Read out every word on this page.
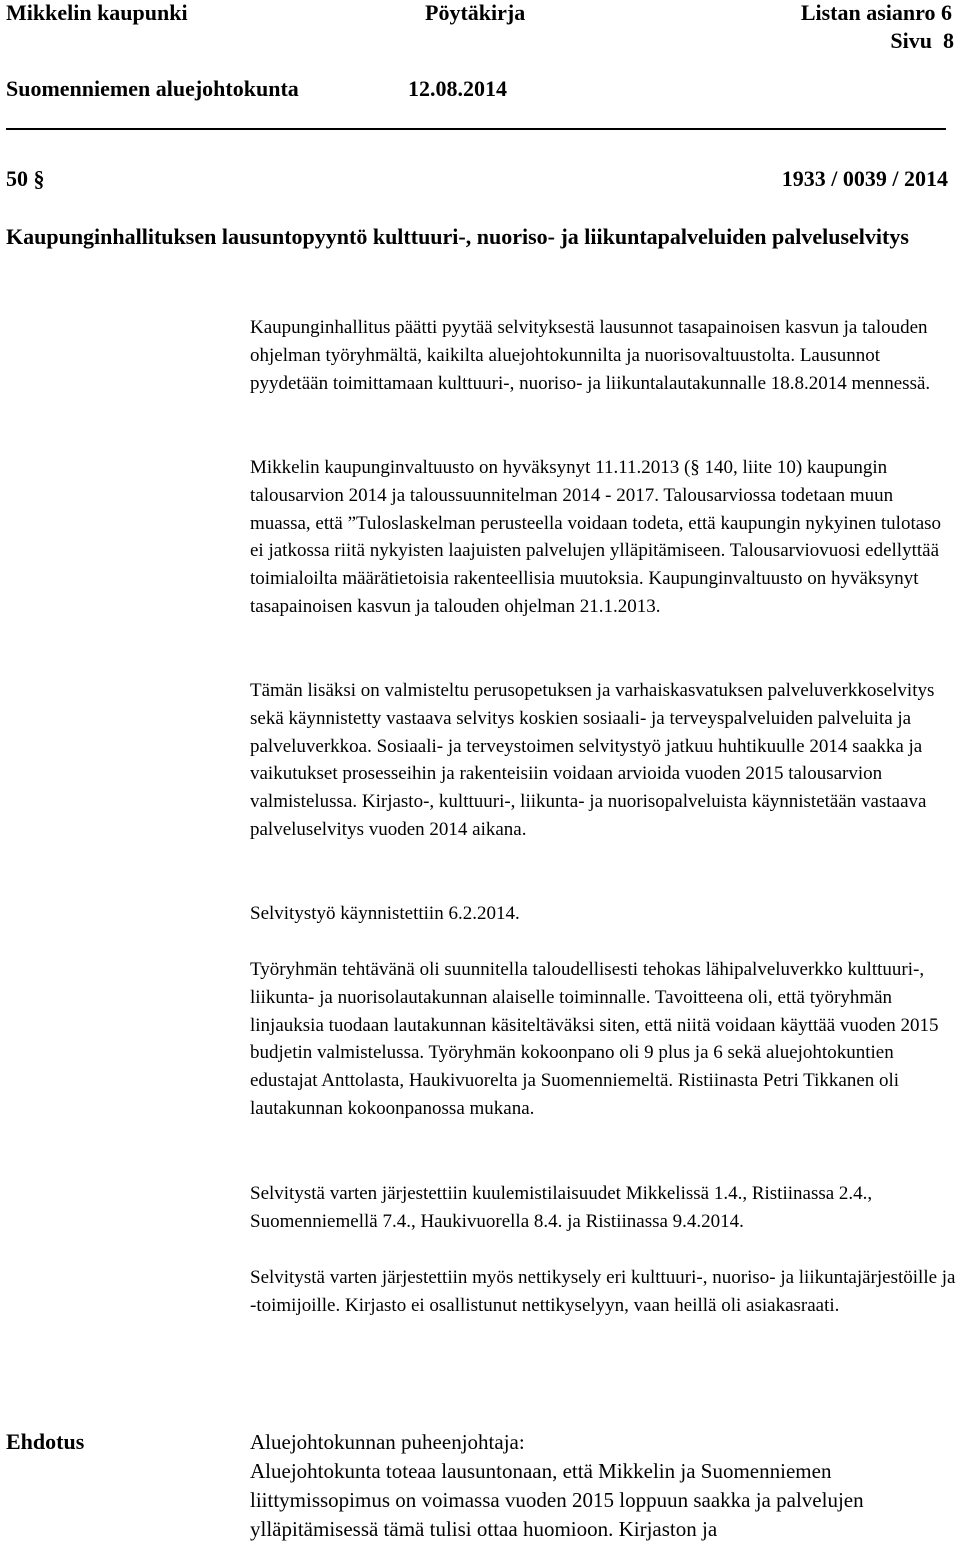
Mikkelin kaupunki	Pöytäkirja	Listan asianro 6
Sivu  8
Suomenniemen aluejohtokunta	12.08.2014
50 §	1933 / 0039 / 2014
Kaupunginhallituksen lausuntopyyntö kulttuuri-, nuoriso- ja liikuntapalveluiden palveluselvitys

Kaupunginhallitus päätti pyytää selvityksestä lausunnot tasapainoisen kasvun ja talouden ohjelman työryhmältä, kaikilta aluejohtokunnilta ja nuorisovaltuustolta. Lausunnot pyydetään toimittamaan kulttuuri-, nuoriso- ja liikuntalautakunnalle 18.8.2014 mennessä.

Mikkelin kaupunginvaltuusto on hyväksynyt 11.11.2013 (§ 140, liite 10) kaupungin talousarvion 2014 ja taloussuunnitelman 2014 - 2017. Talousarviossa todetaan muun muassa, että ”Tuloslaskelman perusteella voidaan todeta, että kaupungin nykyinen tulotaso ei jatkossa riitä nykyisten laajuisten palvelujen ylläpitämiseen. Talousarviovuosi edellyttää toimialoilta määrätietoisia rakenteellisia muutoksia. Kaupunginvaltuusto on hyväksynyt tasapainoisen kasvun ja talouden ohjelman 21.1.2013.

Tämän lisäksi on valmisteltu perusopetuksen ja varhaiskasvatuksen palveluverkkoselvitys sekä käynnistetty vastaava selvitys koskien sosiaali- ja terveyspalveluiden palveluita ja palveluverkkoa. Sosiaali- ja terveystoimen selvitystyö jatkuu huhtikuulle 2014 saakka ja vaikutukset prosesseihin ja rakenteisiin voidaan arvioida vuoden 2015 talousarvion valmistelussa. Kirjasto-, kulttuuri-, liikunta- ja nuorisopalveluista käynnistetään vastaava palveluselvitys vuoden 2014 aikana.

Selvitystyö käynnistettiin 6.2.2014.

Työryhmän tehtävänä oli suunnitella taloudellisesti tehokas lähipalveluverkko kulttuuri-, liikunta- ja nuorisolautakunnan alaiselle toiminnalle. Tavoitteena oli, että työryhmän linjauksia tuodaan lautakunnan käsiteltäväksi siten, että niitä voidaan käyttää vuoden 2015 budjetin valmistelussa. Työryhmän kokoonpano oli 9 plus ja 6 sekä aluejohtokuntien edustajat Anttolasta, Haukivuorelta ja Suomenniemeltä. Ristiinasta Petri Tikkanen oli lautakunnan kokoonpanossa mukana.

Selvitystä varten järjestettiin kuulemistilaisuudet Mikkelissä 1.4., Ristiinassa 2.4., Suomenniemellä 7.4., Haukivuorella 8.4. ja Ristiinassa 9.4.2014.

Selvitystä varten järjestettiin myös nettikysely eri kulttuuri-, nuoriso- ja liikuntajärjestöille ja -toimijoille. Kirjasto ei osallistunut nettikyselyyn, vaan heillä oli asiakasraati.

Ehdotus	Aluejohtokunnan puheenjohtaja:

Aluejohtokunta toteaa lausuntonaan, että Mikkelin ja Suomenniemen liittymissopimus on voimassa vuoden 2015 loppuun saakka ja palvelujen ylläpitämisessä tämä tulisi ottaa huomioon. Kirjaston ja
